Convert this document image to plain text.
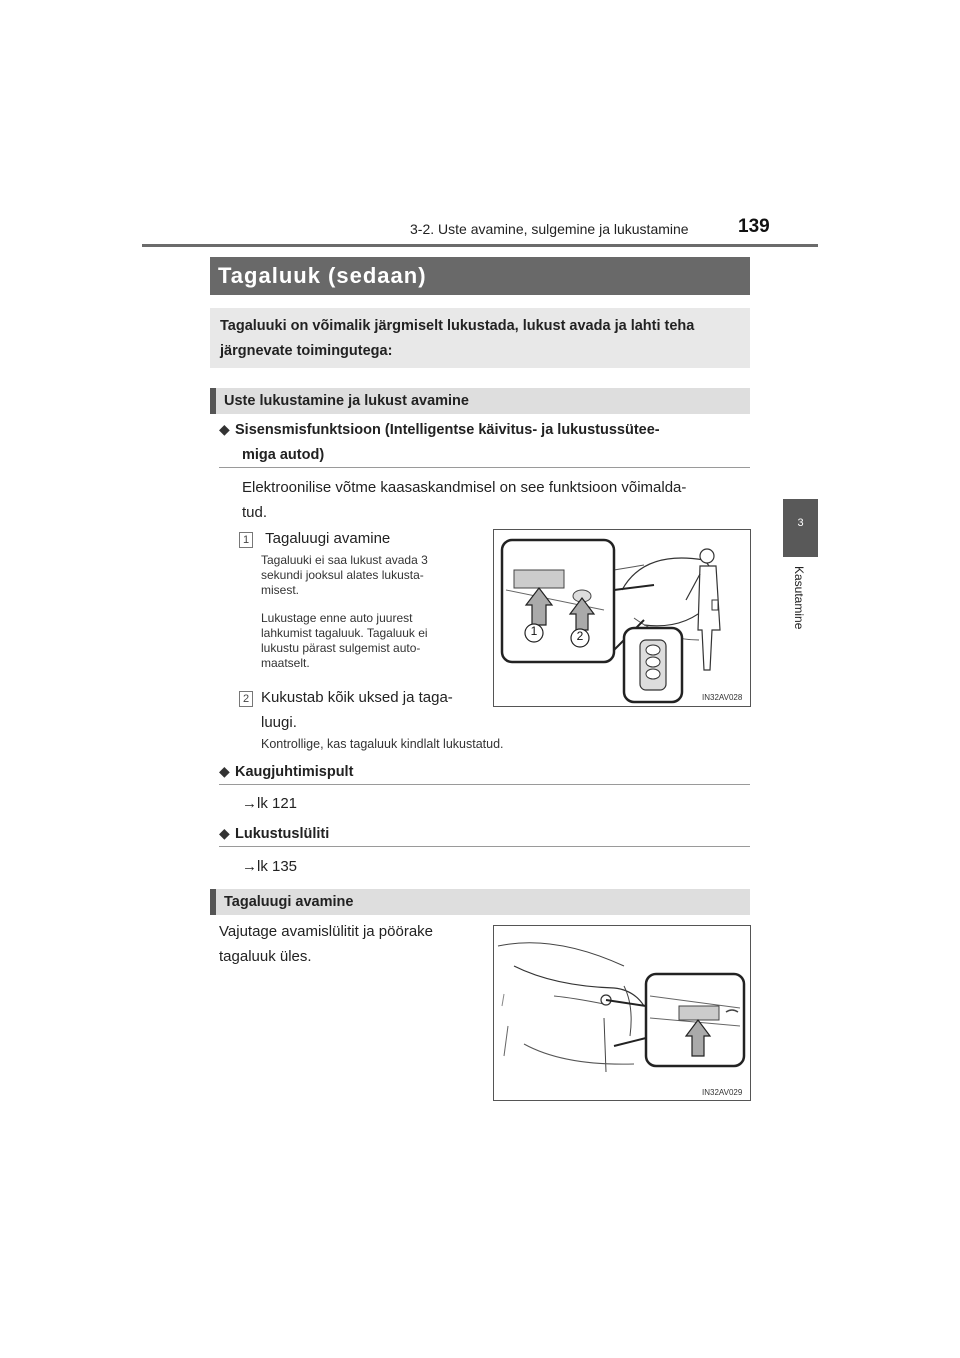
3-2. Uste avamine, sulgemine ja lukustamine	139
3
Kasutamine
Tagaluuk (sedaan)
Tagaluuki on võimalik järgmiselt lukustada, lukust avada ja lahti teha järgnevate toimingutega:
Uste lukustamine ja lukust avamine
◆ Sisensmisfunktsioon (Intelligentse käivitus- ja lukustussütee-
miga autod)
Elektroonilise võtme kaasaskandmisel on see funktsioon võimalda-
tud.
1 Tagaluugi avamine
Tagaluuki ei saa lukust avada 3
sekundi jooksul alates lukusta-
misest.
Lukustage enne auto juurest
lahkumist tagaluuk. Tagaluuk ei
lukustu pärast sulgemist auto-
maatselt.
2 Kukustab kõik uksed ja taga-
luugi.
Kontrollige, kas tagaluuk kindlalt lukustatud.
1	2
IN32AV028
◆ Kaugjuhtimispult
→lk 121
◆ Lukustuslüliti
→lk 135
Tagaluugi avamine
Vajutage avamislülitit ja pöörake
tagaluuk üles.
IN32AV029
